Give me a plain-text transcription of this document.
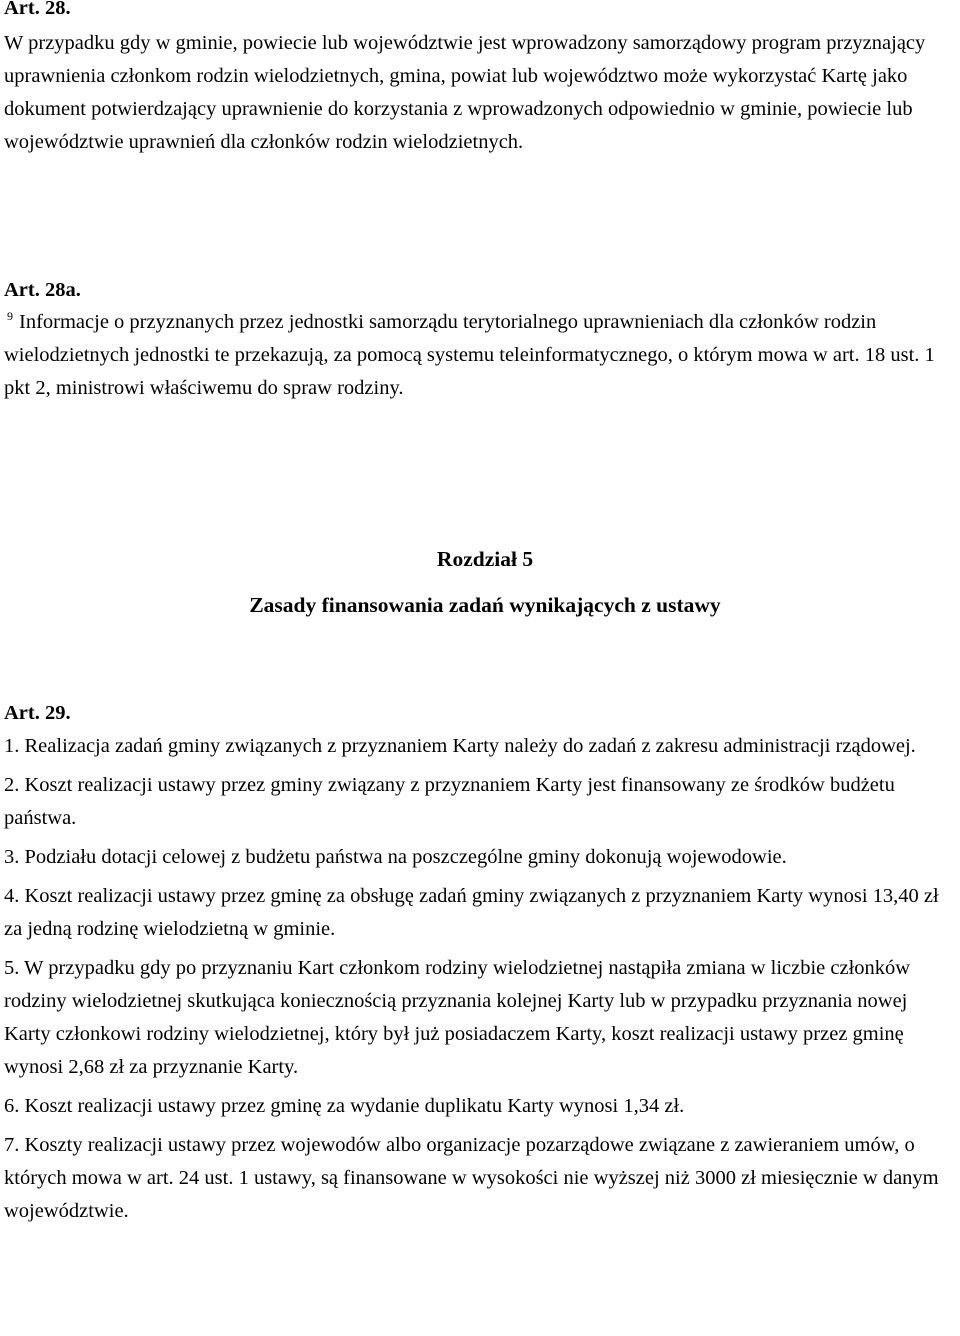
Art. 28.

W przypadku gdy w gminie, powiecie lub województwie jest wprowadzony samorządowy program przyznający uprawnienia członkom rodzin wielodzietnych, gmina, powiat lub województwo może wykorzystać Kartę jako dokument potwierdzający uprawnienie do korzystania z wprowadzonych odpowiednio w gminie, powiecie lub województwie uprawnień dla członków rodzin wielodzietnych.

Art. 28a.

$^9$ Informacje o przyznanych przez jednostki samorządu terytorialnego uprawnieniach dla członków rodzin wielodzietnych jednostki te przekazują, za pomocą systemu teleinformatycznego, o którym mowa w art. 18 ust. 1 pkt 2, ministrowi właściwemu do spraw rodziny.

Rozdział 5

Zasady finansowania zadań wynikających z ustawy

Art. 29.

1. Realizacja zadań gminy związanych z przyznaniem Karty należy do zadań z zakresu administracji rządowej.

2. Koszt realizacji ustawy przez gminy związany z przyznaniem Karty jest finansowany ze środków budżetu państwa.

3. Podziału dotacji celowej z budżetu państwa na poszczególne gminy dokonują wojewodowie.

4. Koszt realizacji ustawy przez gminę za obsługę zadań gminy związanych z przyznaniem Karty wynosi 13,40 zł za jedną rodzinę wielodzietną w gminie.

5. W przypadku gdy po przyznaniu Kart członkom rodziny wielodzietnej nastąpiła zmiana w liczbie członków rodziny wielodzietnej skutkująca koniecznością przyznania kolejnej Karty lub w przypadku przyznania nowej Karty członkowi rodziny wielodzietnej, który był już posiadaczem Karty, koszt realizacji ustawy przez gminę wynosi 2,68 zł za przyznanie Karty.

6. Koszt realizacji ustawy przez gminę za wydanie duplikatu Karty wynosi 1,34 zł.

7. Koszty realizacji ustawy przez wojewodów albo organizacje pozarządowe związane z zawieraniem umów, o których mowa w art. 24 ust. 1 ustawy, są finansowane w wysokości nie wyższej niż 3000 zł miesięcznie w danym województwie.
